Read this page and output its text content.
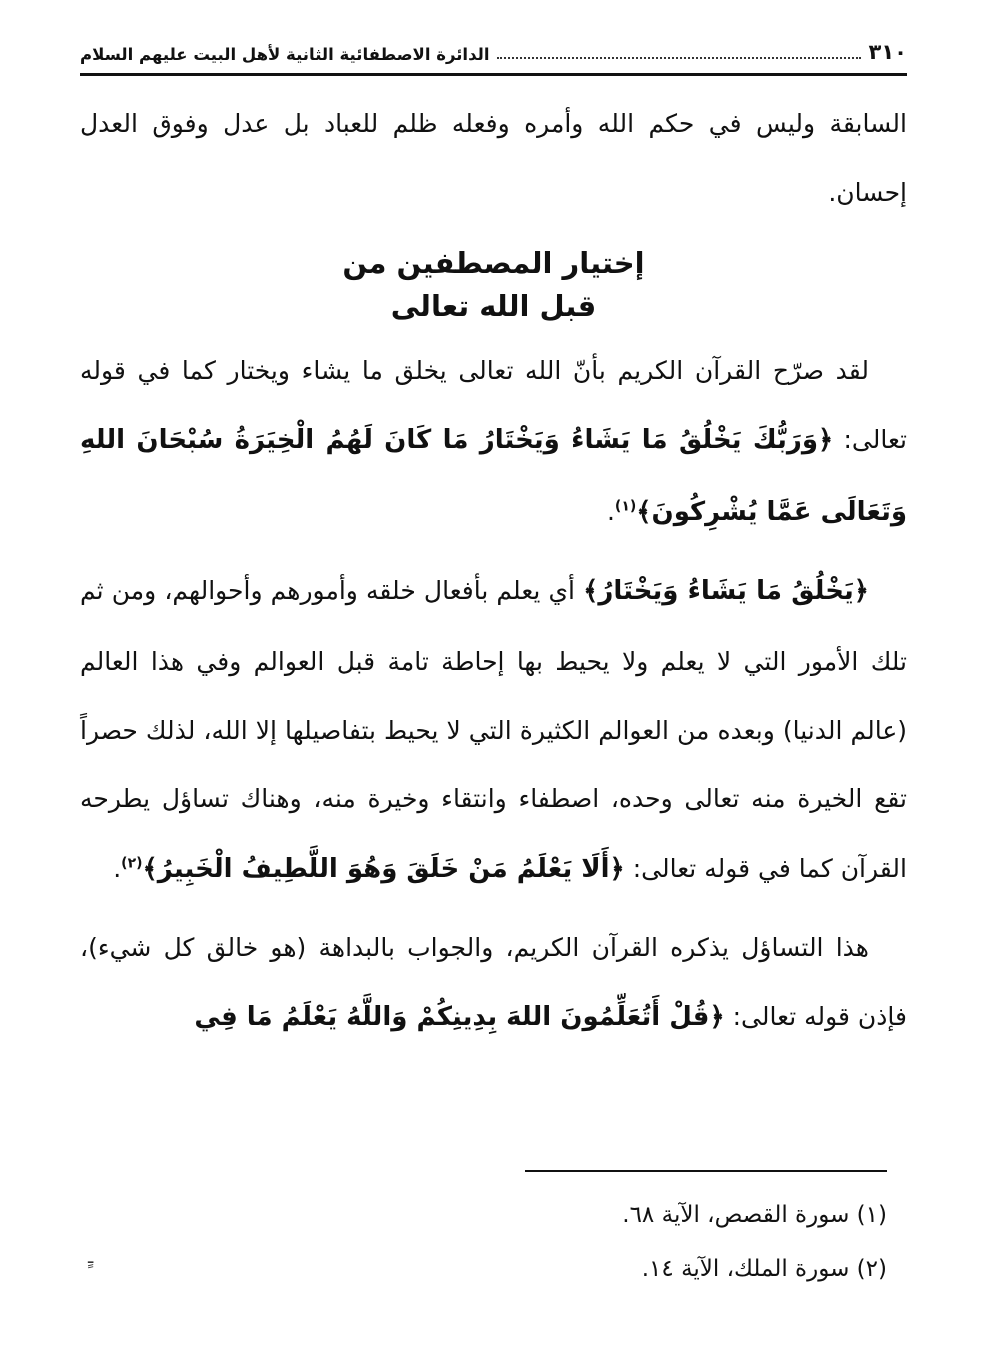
٣١٠
الدائرة الاصطفائية الثانية لأهل البيت عليهم السلام

السابقة وليس في حكم الله وأمره وفعله ظلم للعباد بل عدل وفوق العدل إحسان.

إختيار المصطفين من
قبل الله تعالى

لقد صرّح القرآن الكريم بأنّ الله تعالى يخلق ما يشاء ويختار كما في قوله تعالى: ﴿وَرَبُّكَ يَخْلُقُ مَا يَشَاءُ وَيَخْتَارُ مَا كَانَ لَهُمُ الْخِيَرَةُ سُبْحَانَ اللهِ وَتَعَالَى عَمَّا يُشْرِكُونَ﴾$^{(١)}$.

﴿يَخْلُقُ مَا يَشَاءُ وَيَخْتَارُ﴾ أي يعلم بأفعال خلقه وأمورهم وأحوالهم، ومن ثم تلك الأمور التي لا يعلم ولا يحيط بها إحاطة تامة قبل العوالم وفي هذا العالم (عالم الدنيا) وبعده من العوالم الكثيرة التي لا يحيط بتفاصيلها إلا الله، لذلك حصراً تقع الخيرة منه تعالى وحده، اصطفاء وانتقاء وخيرة منه، وهناك تساؤل يطرحه القرآن كما في قوله تعالى: ﴿أَلَا يَعْلَمُ مَنْ خَلَقَ وَهُوَ اللَّطِيفُ الْخَبِيرُ﴾$^{(٢)}$.

هذا التساؤل يذكره القرآن الكريم، والجواب بالبداهة (هو خالق كل شيء)، فإذن قوله تعالى: ﴿قُلْ أَتُعَلِّمُونَ اللهَ بِدِينِكُمْ وَاللَّهُ يَعْلَمُ مَا فِي

(١) سورة القصص، الآية ٦٨.

(٢) سورة الملك، الآية ١٤.

ـٍ
